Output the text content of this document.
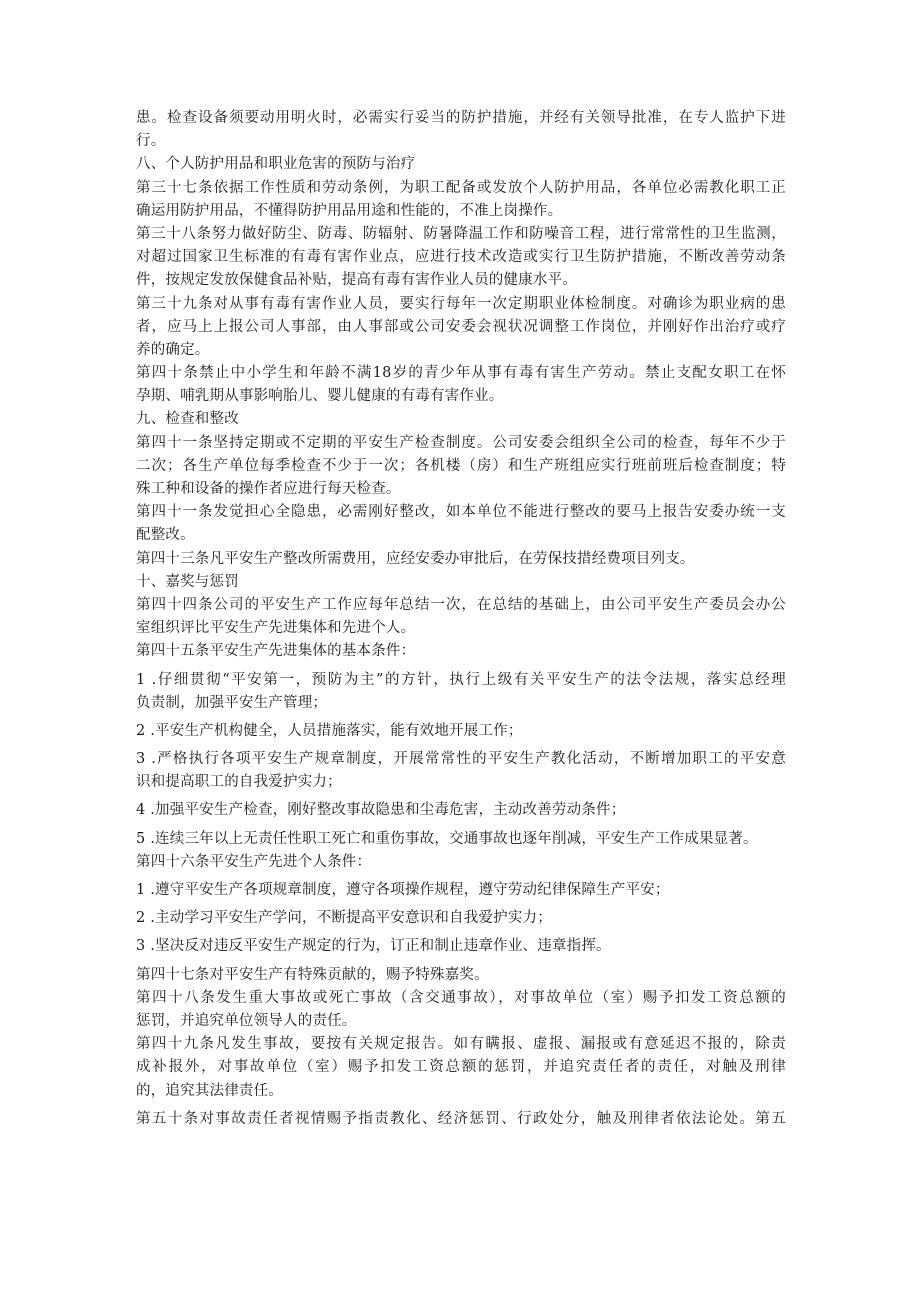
患。检查设备须要动用明火时，必需实行妥当的防护措施，并经有关领导批准，在专人监护下进
行。
八、个人防护用品和职业危害的预防与治疗
第三十七条依据工作性质和劳动条例，为职工配备或发放个人防护用品，各单位必需教化职工正
确运用防护用品，不懂得防护用品用途和性能的，不准上岗操作。
第三十八条努力做好防尘、防毒、防辐射、防暑降温工作和防噪音工程，进行常常性的卫生监测，
对超过国家卫生标准的有毒有害作业点，应进行技术改造或实行卫生防护措施，不断改善劳动条
件，按规定发放保健食品补贴，提高有毒有害作业人员的健康水平。
第三十九条对从事有毒有害作业人员，要实行每年一次定期职业体检制度。对确诊为职业病的患
者，应马上上报公司人事部，由人事部或公司安委会视状况调整工作岗位，并刚好作出治疗或疗
养的确定。
第四十条禁止中小学生和年龄不满18岁的青少年从事有毒有害生产劳动。禁止支配女职工在怀
孕期、哺乳期从事影响胎儿、婴儿健康的有毒有害作业。
九、检查和整改
第四十一条坚持定期或不定期的平安生产检查制度。公司安委会组织全公司的检查，每年不少于
二次；各生产单位每季检查不少于一次；各机楼（房）和生产班组应实行班前班后检查制度；特
殊工种和设备的操作者应进行每天检查。
第四十一条发觉担心全隐患，必需刚好整改，如本单位不能进行整改的要马上报告安委办统一支
配整改。
第四十三条凡平安生产整改所需费用，应经安委办审批后，在劳保技措经费项目列支。
十、嘉奖与惩罚
第四十四条公司的平安生产工作应每年总结一次，在总结的基础上，由公司平安生产委员会办公
室组织评比平安生产先进集体和先进个人。
第四十五条平安生产先进集体的基本条件：
1 .仔细贯彻“平安第一，预防为主”的方针，执行上级有关平安生产的法令法规，落实总经理
负责制，加强平安生产管理；
2 .平安生产机构健全，人员措施落实，能有效地开展工作；
3 .严格执行各项平安生产规章制度，开展常常性的平安生产教化活动，不断增加职工的平安意
识和提高职工的自我爱护实力；
4 .加强平安生产检查，刚好整改事故隐患和尘毒危害，主动改善劳动条件；
5 .连续三年以上无责任性职工死亡和重伤事故，交通事故也逐年削减，平安生产工作成果显著。
第四十六条平安生产先进个人条件：
1 .遵守平安生产各项规章制度，遵守各项操作规程，遵守劳动纪律保障生产平安；
2 .主动学习平安生产学问，不断提高平安意识和自我爱护实力；
3 .坚决反对违反平安生产规定的行为，订正和制止违章作业、违章指挥。
第四十七条对平安生产有特殊贡献的，赐予特殊嘉奖。
第四十八条发生重大事故或死亡事故（含交通事故），对事故单位（室）赐予扣发工资总额的
惩罚，并追究单位领导人的责任。
第四十九条凡发生事故，要按有关规定报告。如有瞒报、虚报、漏报或有意延迟不报的，除责
成补报外，对事故单位（室）赐予扣发工资总额的惩罚，并追究责任者的责任，对触及刑律
的，追究其法律责任。
第五十条对事故责任者视情赐予指责教化、经济惩罚、行政处分，触及刑律者依法论处。第五
